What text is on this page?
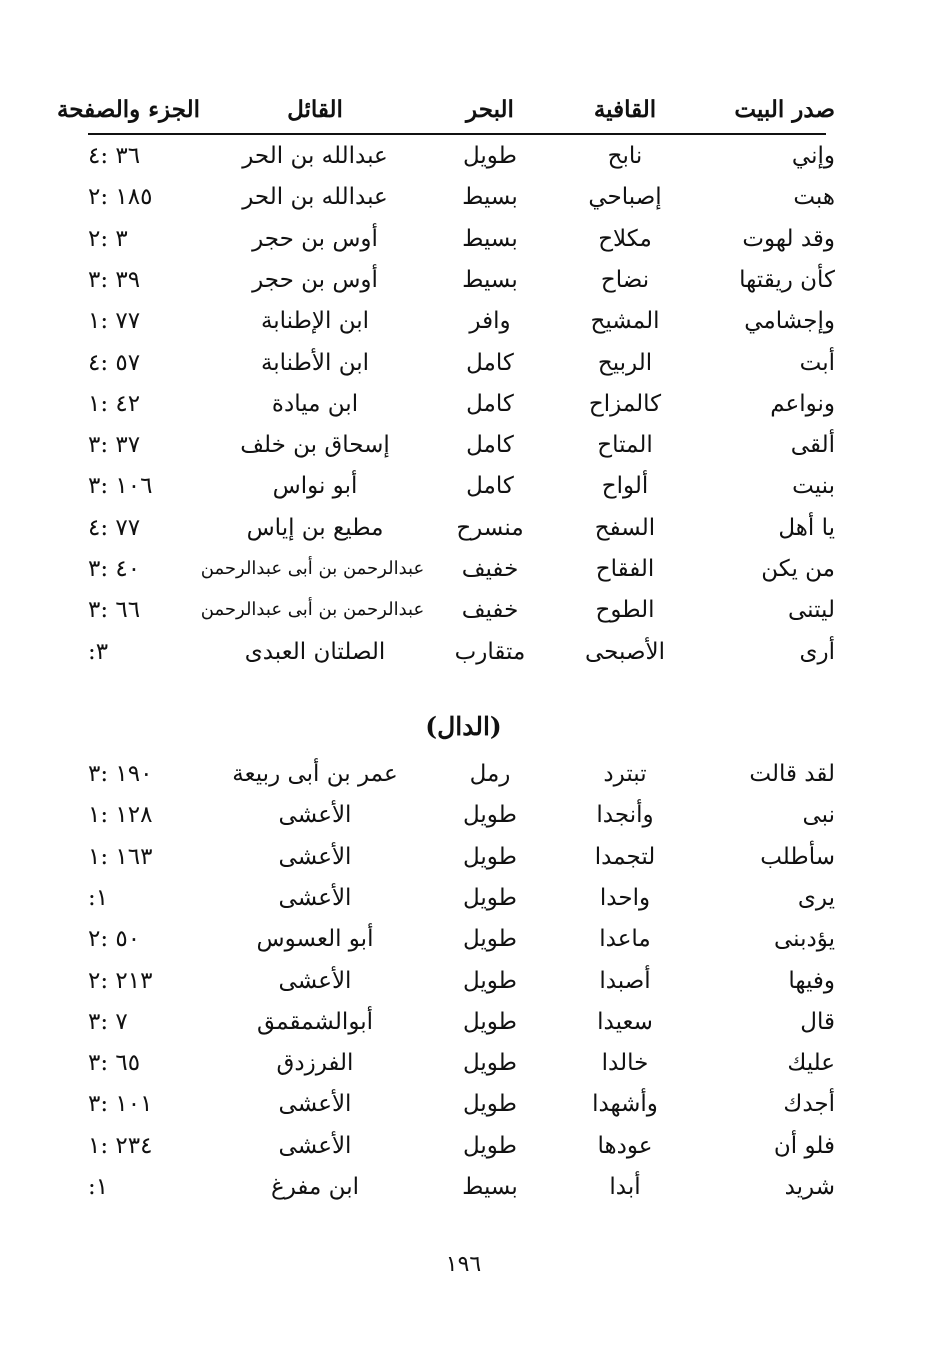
صدر البيت
القافية
البحر
القائل
الجزء والصفحة
وإني
نابح
طويل
عبدالله بن الحر
٣٦ :٤
هبت
إصباحي
بسيط
عبدالله بن الحر
١٨٥ :٢
وقد لهوت
مكلاح
بسيط
أوس بن حجر
٣ :٢
كأن ريقتها
نضاح
بسيط
أوس بن حجر
٣٩ :٣
وإجشامي
المشيح
وافر
ابن الإطنابة
٧٧ :١
أبت
الربيح
كامل
ابن الأطنابة
٥٧ :٤
ونواعم
كالمزاح
كامل
ابن ميادة
٤٢ :١
ألقى
المتاح
كامل
إسحاق بن خلف
٣٧ :٣
بنيت
ألواح
كامل
أبو نواس
١٠٦ :٣
يا أهل
السفح
منسرح
مطيع بن إياس
٧٧ :٤
من يكن
الفقاح
خفيف
عبدالرحمن بن أبى عبدالرحمن
٤٠ :٣
ليتنى
الطوح
خفيف
عبدالرحمن بن أبى عبدالرحمن
٦٦ :٣
أرى
الأصبحى
متقارب
الصلتان العبدى
:٣
(الدال)
لقد قالت
تبترد
رمل
عمر بن أبى ربيعة
١٩٠ :٣
نبى
وأنجدا
طويل
الأعشى
١٢٨ :١
سأطلب
لتجمدا
طويل
الأعشى
١٦٣ :١
يرى
واحدا
طويل
الأعشى
:١
يؤدبنى
ماعدا
طويل
أبو العسوس
٥٠ :٢
وفيها
أصبدا
طويل
الأعشى
٢١٣ :٢
قال
سعيدا
طويل
أبوالشمقمق
٧ :٣
عليك
خالدا
طويل
الفرزدق
٦٥ :٣
أجدك
وأشهدا
طويل
الأعشى
١٠١ :٣
فلو أن
عودها
طويل
الأعشى
٢٣٤ :١
شريد
أبدا
بسيط
ابن مفرغ
:١
١٩٦
